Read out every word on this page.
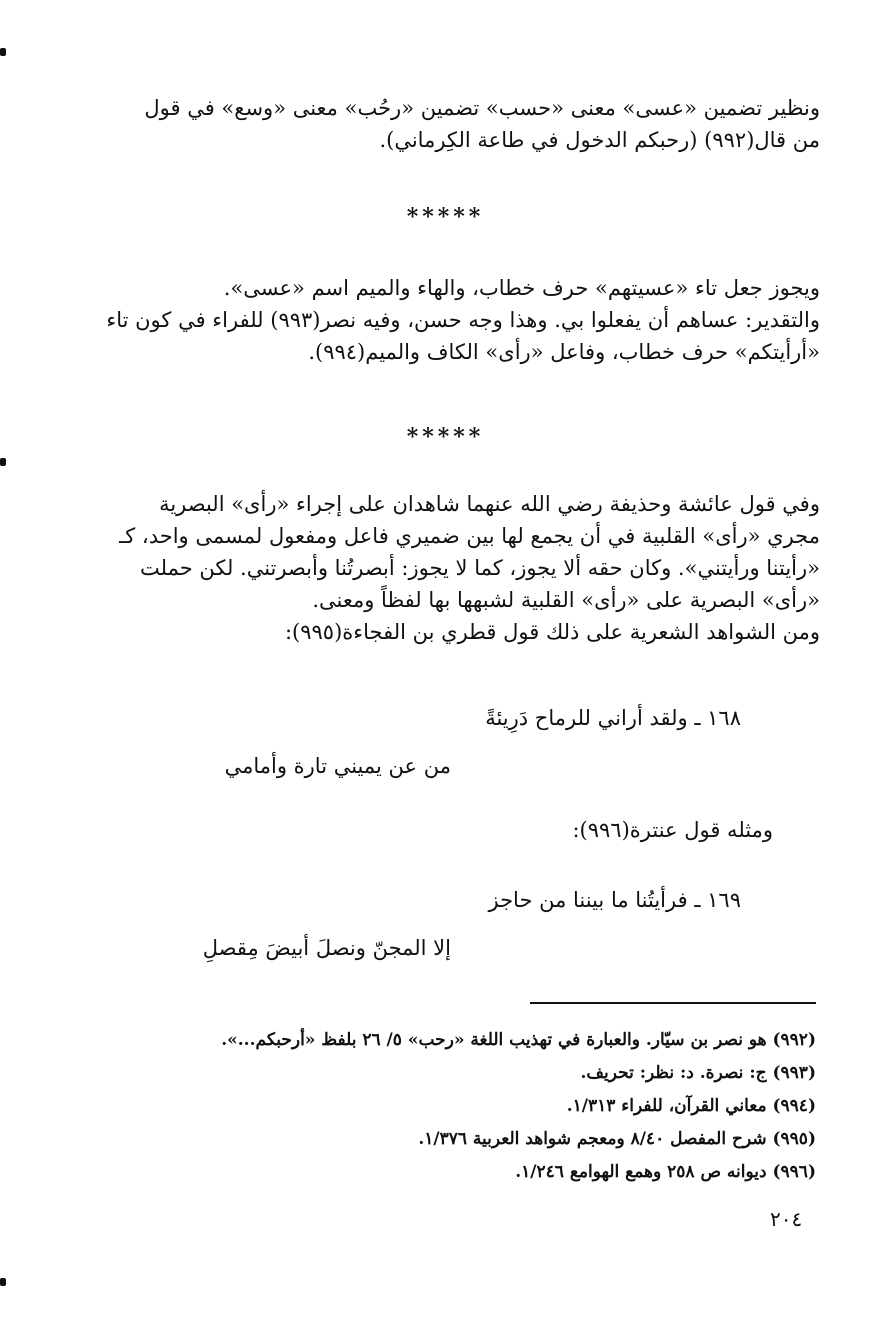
ونظير تضمين «عسى» معنى «حسب» تضمين «رحُب» معنى «وسع» في قول
من قال(٩٩٢) (رحبكم الدخول في طاعة الكِرماني).
*****
ويجوز جعل تاء «عسيتهم» حرف خطاب، والهاء والميم اسم «عسى».
والتقدير: عساهم أن يفعلوا بي. وهذا وجه حسن، وفيه نصر(٩٩٣) للفراء في كون تاء
«أرأيتكم» حرف خطاب، وفاعل «رأى» الكاف والميم(٩٩٤).
*****
وفي قول عائشة وحذيفة رضي الله عنهما شاهدان على إجراء «رأى» البصرية
مجري «رأى» القلبية في أن يجمع لها بين ضميري فاعل ومفعول لمسمى واحد، كـ
«رأيتنا ورأيتني». وكان حقه ألا يجوز، كما لا يجوز: أبصرتُنا وأبصرتني. لكن حملت
«رأى» البصرية على «رأى» القلبية لشبهها بها لفظاً ومعنى.
ومن الشواهد الشعرية على ذلك قول قطري بن الفجاءة(٩٩٥):
١٦٨ ـ ولقد أراني للرماح دَرِيئةً
من عن يميني تارة وأمامي
ومثله قول عنترة(٩٩٦):
١٦٩ ـ فرأيتُنا ما بيننا من حاجز
إلا المجنّ ونصلَ أبيضَ مِقصلِ
(٩٩٢) هو نصر بن سيّار. والعبارة في تهذيب اللغة «رحب» ٥/ ٢٦ بلفظ «أرحبكم...».
(٩٩٣) ج: نصرة. د: نظر: تحريف.
(٩٩٤) معاني القرآن، للفراء ١/٣١٣.
(٩٩٥) شرح المفصل ٨/٤٠ ومعجم شواهد العربية ١/٣٧٦.
(٩٩٦) ديوانه ص ٢٥٨ وهمع الهوامع ١/٢٤٦.
٢٠٤
